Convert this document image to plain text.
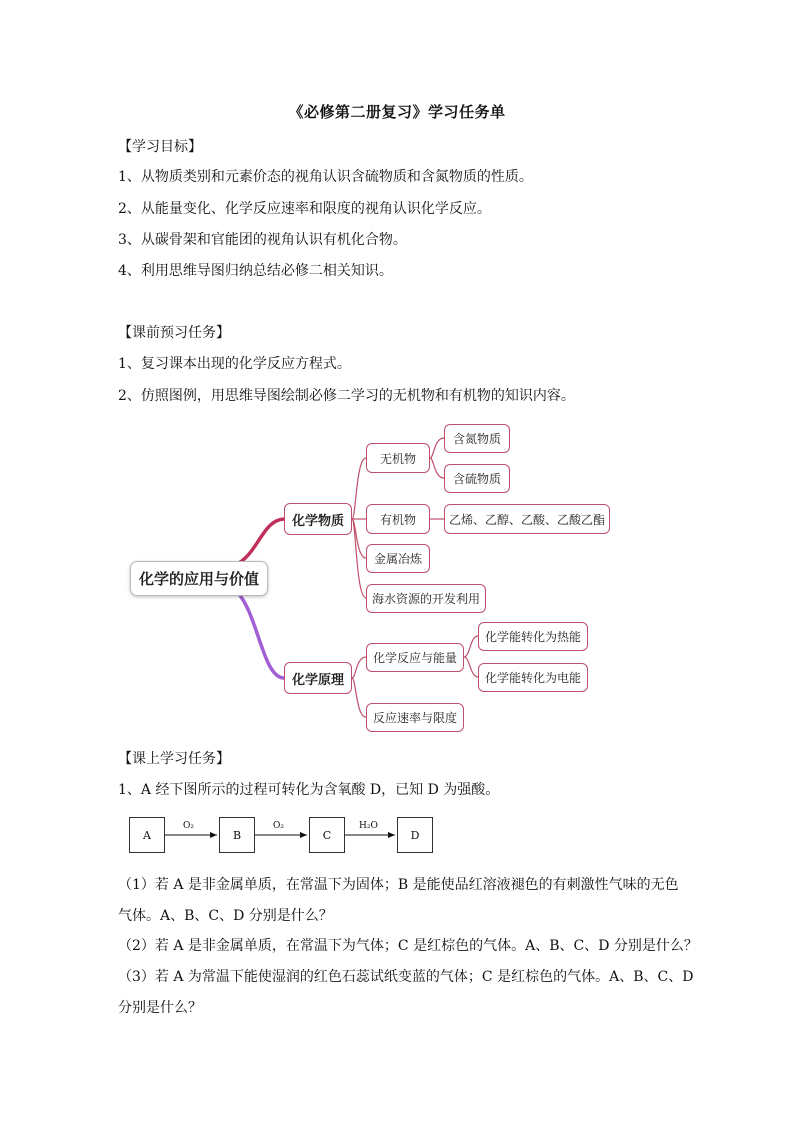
《必修第二册复习》学习任务单
【学习目标】
1、从物质类别和元素价态的视角认识含硫物质和含氮物质的性质。
2、从能量变化、化学反应速率和限度的视角认识化学反应。
3、从碳骨架和官能团的视角认识有机化合物。
4、利用思维导图归纳总结必修二相关知识。
【课前预习任务】
1、复习课本出现的化学反应方程式。
2、仿照图例，用思维导图绘制必修二学习的无机物和有机物的知识内容。
化学的应用与价值
化学物质
化学原理
无机物
含氮物质
含硫物质
有机物	乙烯、乙醇、乙酸、乙酸乙酯
金属冶炼
海水资源的开发利用
化学反应与能量
化学能转化为热能
化学能转化为电能
反应速率与限度
【课上学习任务】
1、A 经下图所示的过程可转化为含氧酸 D，已知 D 为强酸。
A	B	C	D
O₂	O₂	H₂O
（1）若 A 是非金属单质，在常温下为固体；B 是能使品红溶液褪色的有刺激性气味的无色
气体。A、B、C、D 分别是什么？
（2）若 A 是非金属单质，在常温下为气体；C 是红棕色的气体。A、B、C、D 分别是什么？
（3）若 A 为常温下能使湿润的红色石蕊试纸变蓝的气体；C 是红棕色的气体。A、B、C、D
分别是什么？
